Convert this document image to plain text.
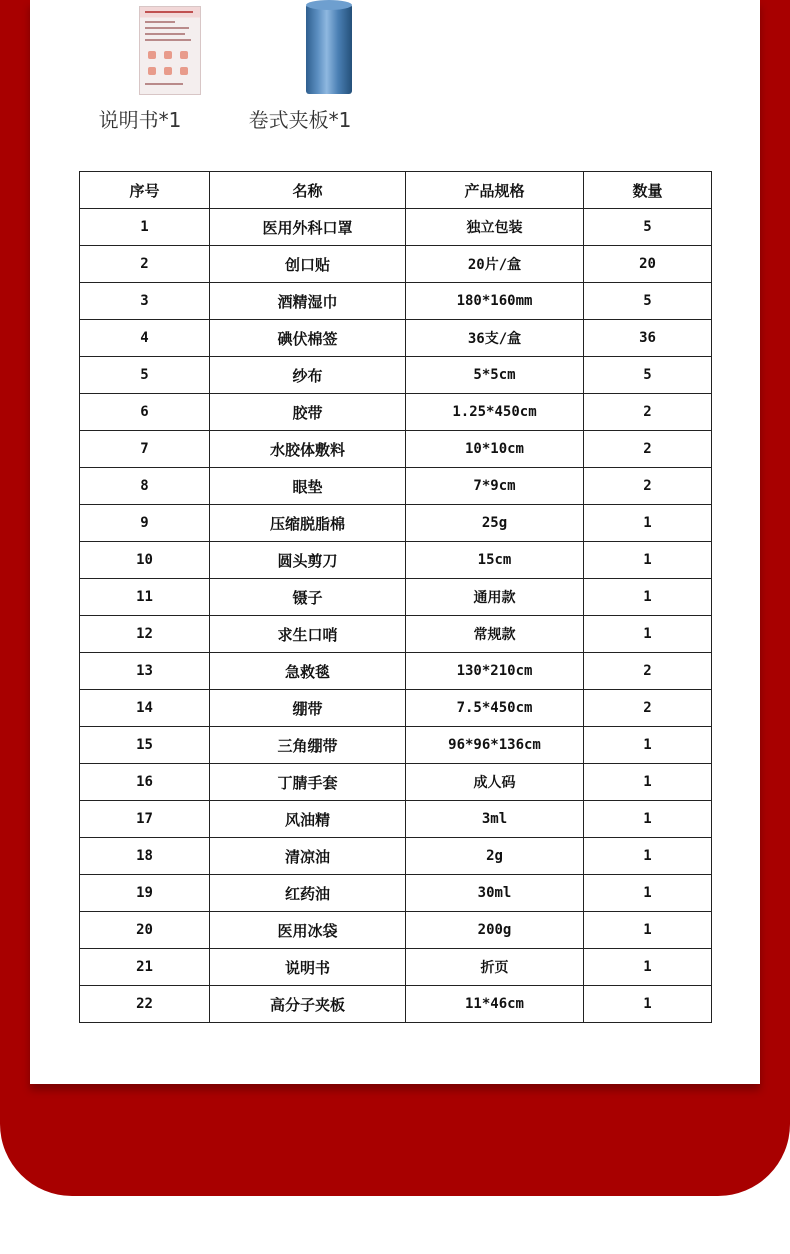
说明书*1	卷式夹板*1
序号	名称	产品规格	数量
1	医用外科口罩	独立包装	5
2	创口贴	20片/盒	20
3	酒精湿巾	180*160mm	5
4	碘伏棉签	36支/盒	36
5	纱布	5*5cm	5
6	胶带	1.25*450cm	2
7	水胶体敷料	10*10cm	2
8	眼垫	7*9cm	2
9	压缩脱脂棉	25g	1
10	圆头剪刀	15cm	1
11	镊子	通用款	1
12	求生口哨	常规款	1
13	急救毯	130*210cm	2
14	绷带	7.5*450cm	2
15	三角绷带	96*96*136cm	1
16	丁腈手套	成人码	1
17	风油精	3ml	1
18	清凉油	2g	1
19	红药油	30ml	1
20	医用冰袋	200g	1
21	说明书	折页	1
22	高分子夹板	11*46cm	1
